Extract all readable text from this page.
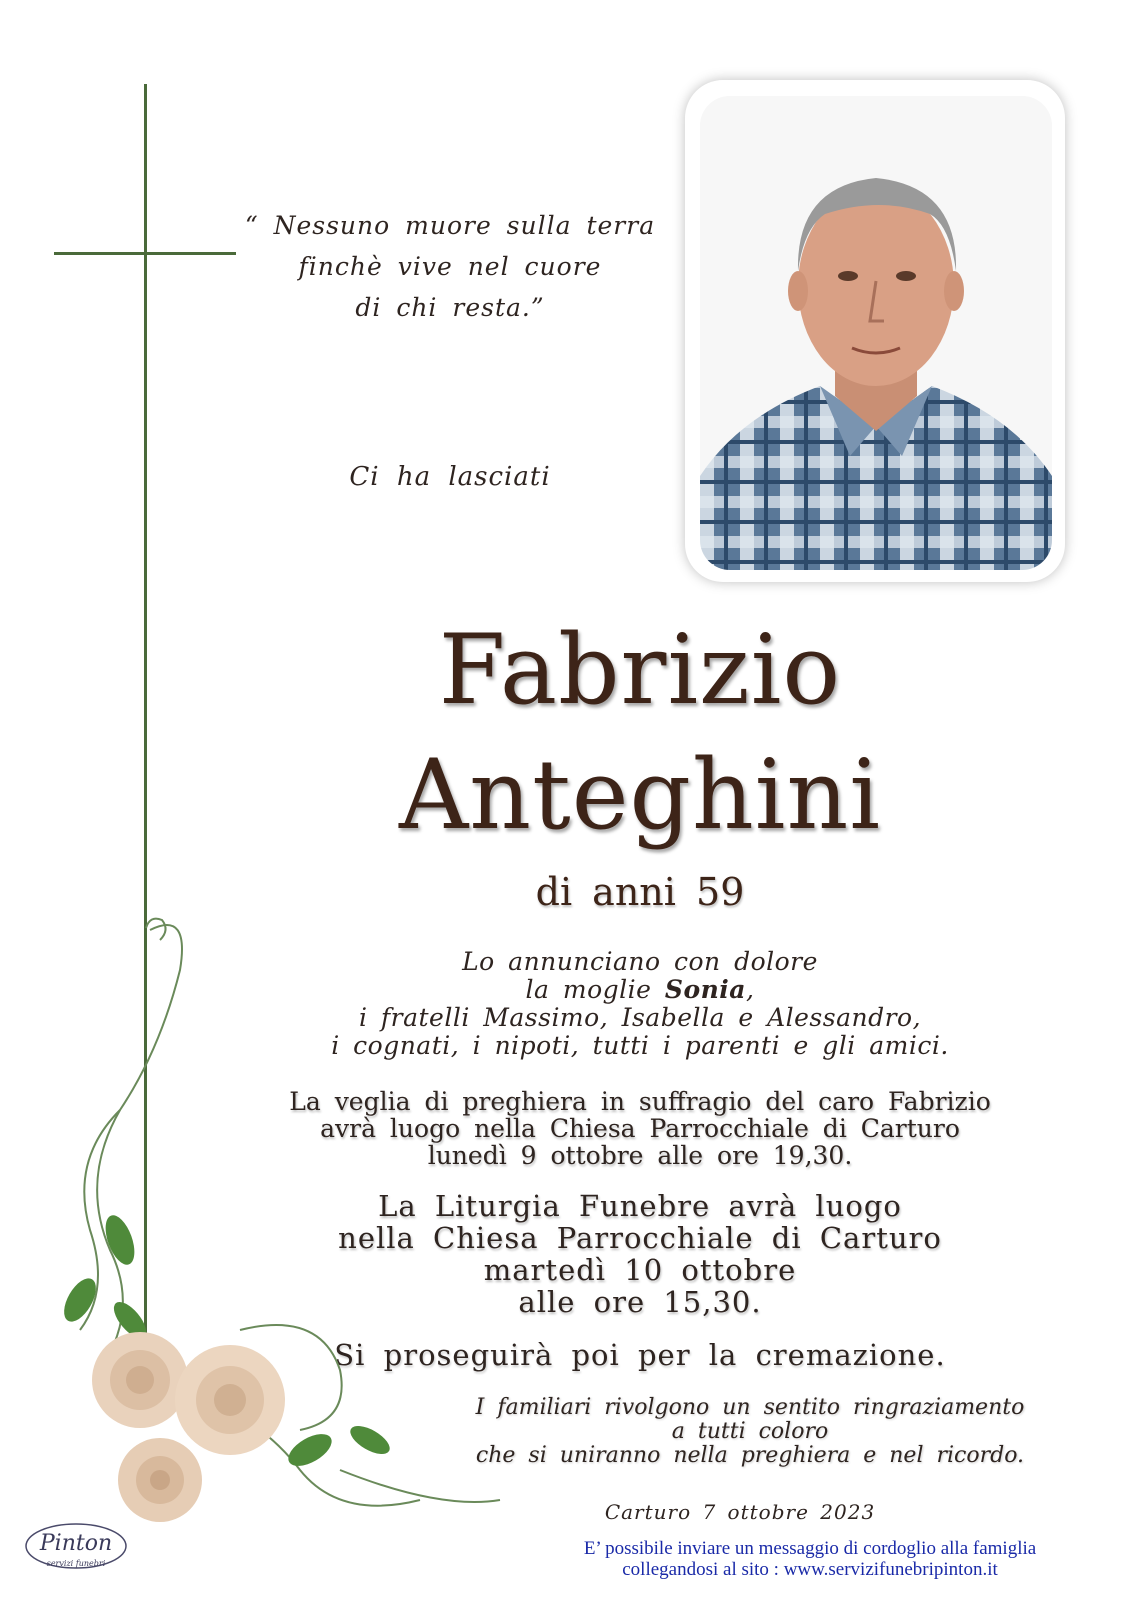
“ Nessuno muore sulla terra
finchè vive nel cuore
di chi resta.”
Ci ha lasciati
Fabrizio
Anteghini
di anni 59
Lo annunciano con dolore
la moglie Sonia,
i fratelli Massimo, Isabella e Alessandro,
i cognati, i nipoti, tutti i parenti e gli amici.
La veglia di preghiera in suffragio del caro Fabrizio
avrà luogo nella Chiesa Parrocchiale di Carturo
lunedì 9 ottobre alle ore 19,30.
La Liturgia Funebre avrà luogo
nella Chiesa Parrocchiale di Carturo
martedì 10 ottobre
alle ore 15,30.
Si proseguirà poi per la cremazione.
I familiari rivolgono un sentito ringraziamento
a tutti coloro
che si uniranno nella preghiera e nel ricordo.
Carturo 7 ottobre 2023
E’ possibile inviare un messaggio di cordoglio alla famiglia
collegandosi al sito : www.servizifunebripinton.it
Pinton
servizi funebri
